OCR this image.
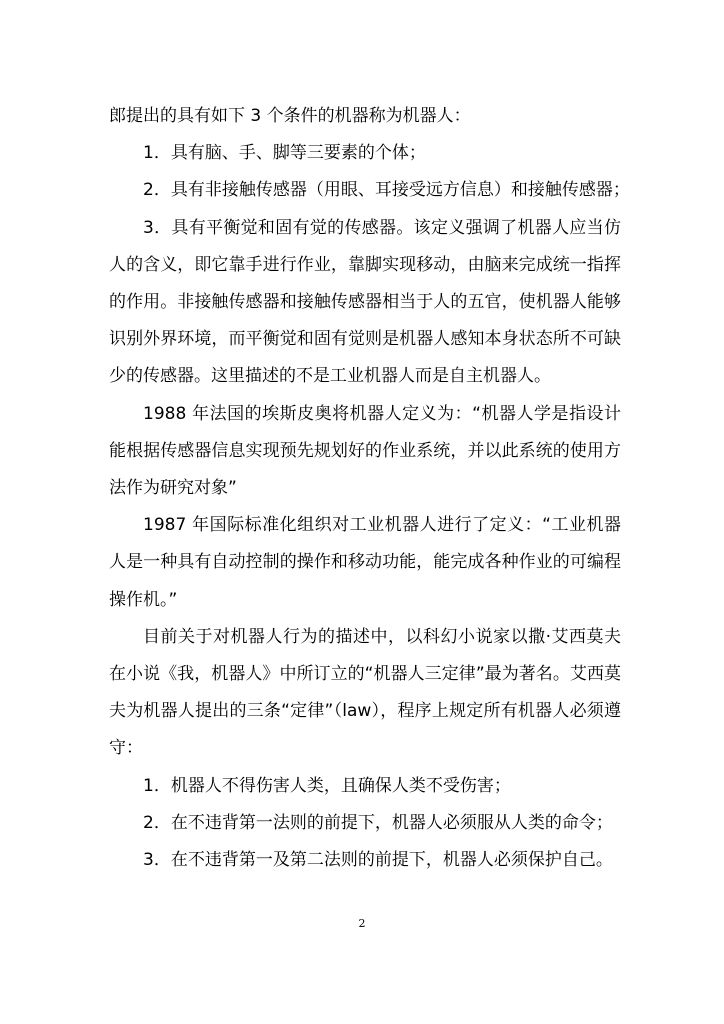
郎提出的具有如下 3 个条件的机器称为机器人：

1．具有脑、手、脚等三要素的个体；

2．具有非接触传感器（用眼、耳接受远方信息）和接触传感器；

3．具有平衡觉和固有觉的传感器。该定义强调了机器人应当仿人的含义，即它靠手进行作业，靠脚实现移动，由脑来完成统一指挥的作用。非接触传感器和接触传感器相当于人的五官，使机器人能够识别外界环境，而平衡觉和固有觉则是机器人感知本身状态所不可缺少的传感器。这里描述的不是工业机器人而是自主机器人。

1988 年法国的埃斯皮奥将机器人定义为：“机器人学是指设计能根据传感器信息实现预先规划好的作业系统，并以此系统的使用方法作为研究对象”

1987 年国际标准化组织对工业机器人进行了定义：“工业机器人是一种具有自动控制的操作和移动功能，能完成各种作业的可编程操作机。”

目前关于对机器人行为的描述中，以科幻小说家以撒·艾西莫夫在小说《我，机器人》中所订立的“机器人三定律”最为著名。艾西莫夫为机器人提出的三条“定律”（law），程序上规定所有机器人必须遵守：

1．机器人不得伤害人类，且确保人类不受伤害；

2．在不违背第一法则的前提下，机器人必须服从人类的命令；

3．在不违背第一及第二法则的前提下，机器人必须保护自己。

2
